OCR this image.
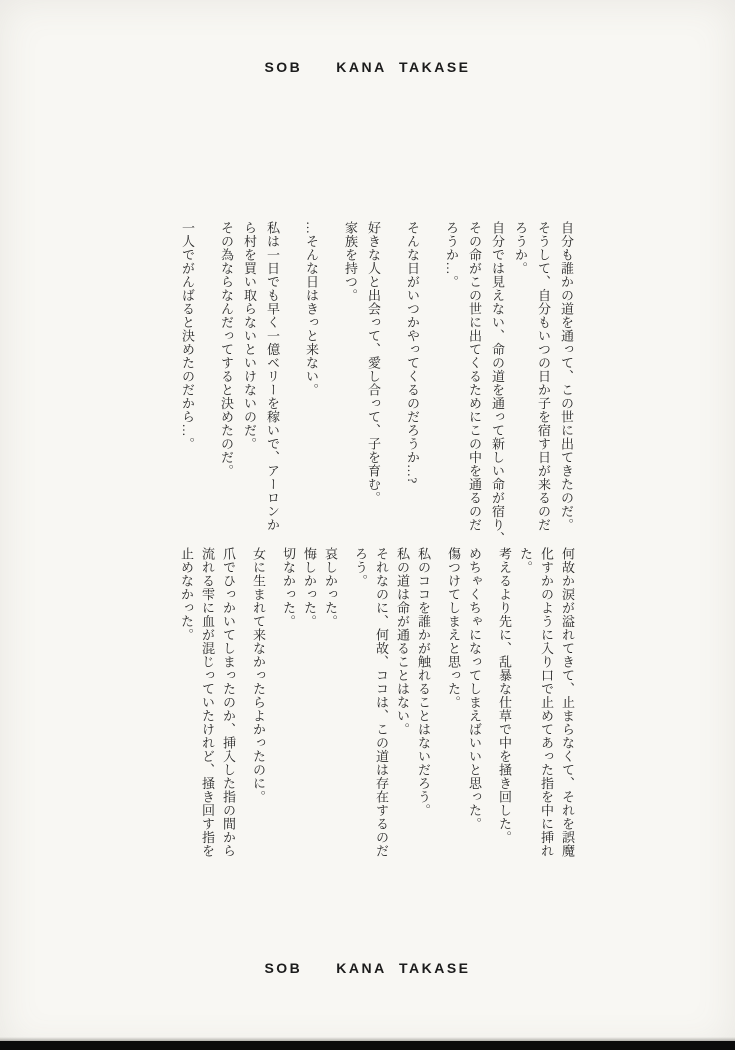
SOB KANA  TAKASE
自分も誰かの道を通って、この世に出てきたのだ。
そうして、自分もいつの日か子を宿す日が来るのだ
ろうか。
自分では見えない、命の道を通って新しい命が宿り、
その命がこの世に出てくるためにこの中を通るのだ
ろうか…。
そんな日がいつかやってくるのだろうか…?
好きな人と出会って、愛し合って、子を育む。
家族を持つ。
…そんな日はきっと来ない。
私は一日でも早く一億ベリーを稼いで、アーロンか
ら村を買い取らないといけないのだ。
その為ならなんだってすると決めたのだ。
一人でがんばると決めたのだから…。
何故か涙が溢れてきて、止まらなくて、それを誤魔
化すかのように入り口で止めてあった指を中に挿れ
た。
考えるより先に、乱暴な仕草で中を掻き回した。
めちゃくちゃになってしまえばいいと思った。
傷つけてしまえと思った。
私のココを誰かが触れることはないだろう。
私の道は命が通ることはない。
それなのに、何故、ココは、この道は存在するのだ
ろう。
哀しかった。
悔しかった。
切なかった。
女に生まれて来なかったらよかったのに。
爪でひっかいてしまったのか、挿入した指の間から
流れる雫に血が混じっていたけれど、掻き回す指を
止めなかった。
SOB KANA  TAKASE
